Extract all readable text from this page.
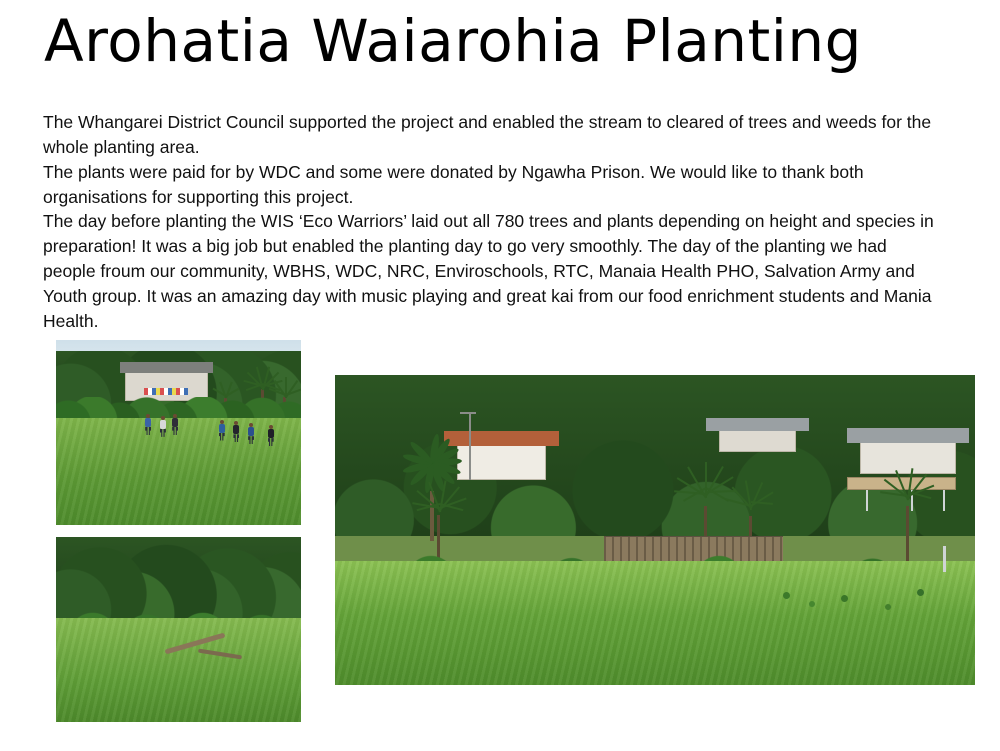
Arohatia Waiarohia Planting

The Whangarei District Council supported the project and enabled the stream to cleared of trees and weeds for the whole planting area.

The plants were paid for by WDC and some were donated by Ngawha Prison. We would like to thank both organisations for supporting this project.

The day before planting the WIS ‘Eco Warriors’ laid out all 780 trees and plants depending on height and species in preparation! It was a big job but enabled the planting day to go very smoothly. The day of the planting we had people froum our community, WBHS, WDC, NRC, Enviroschools, RTC, Manaia Health PHO, Salvation Army and Youth group. It was an amazing day with music playing and great kai from our food enrichment students and Mania Health.
